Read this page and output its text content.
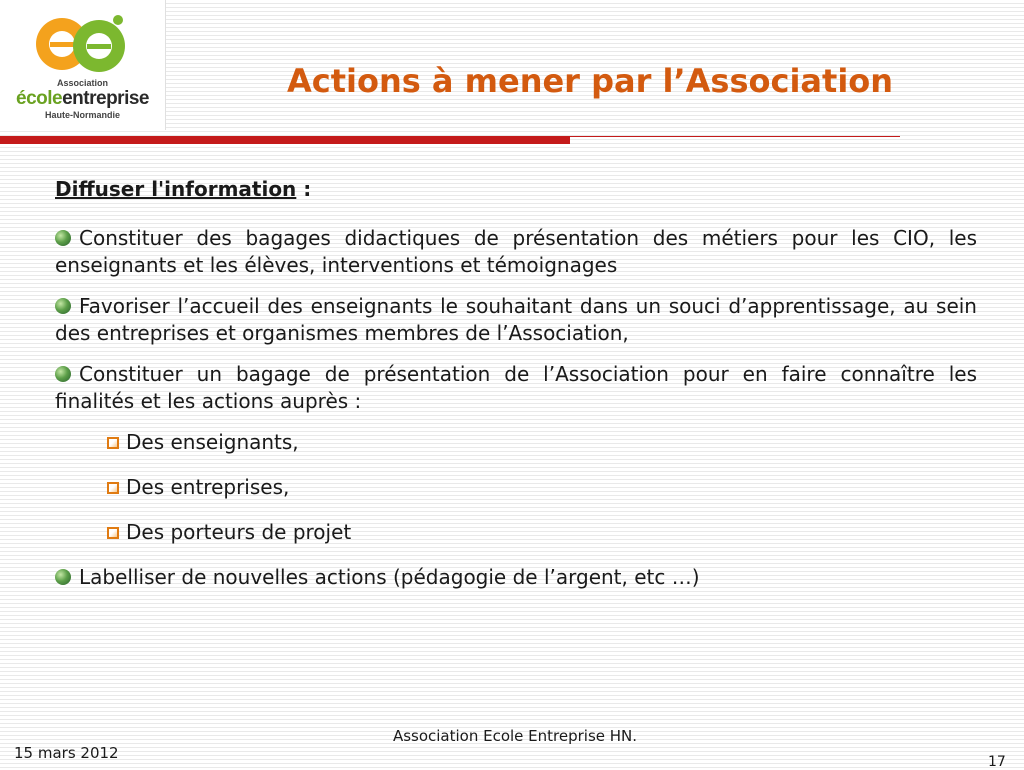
Association
écoleentreprise
Haute-Normandie
Actions à mener par l’Association
Diffuser l'information :
Constituer des bagages didactiques de présentation des métiers pour les CIO, les enseignants et les élèves, interventions et témoignages
Favoriser l’accueil des enseignants le souhaitant dans un souci d’apprentissage, au sein des entreprises et organismes membres de l’Association,
Constituer un bagage de présentation de l’Association pour en faire connaître les finalités et les actions auprès :
Des enseignants,
Des entreprises,
Des porteurs de projet
Labelliser de nouvelles actions (pédagogie de l’argent, etc …)
15 mars 2012
Association Ecole Entreprise HN.
17
